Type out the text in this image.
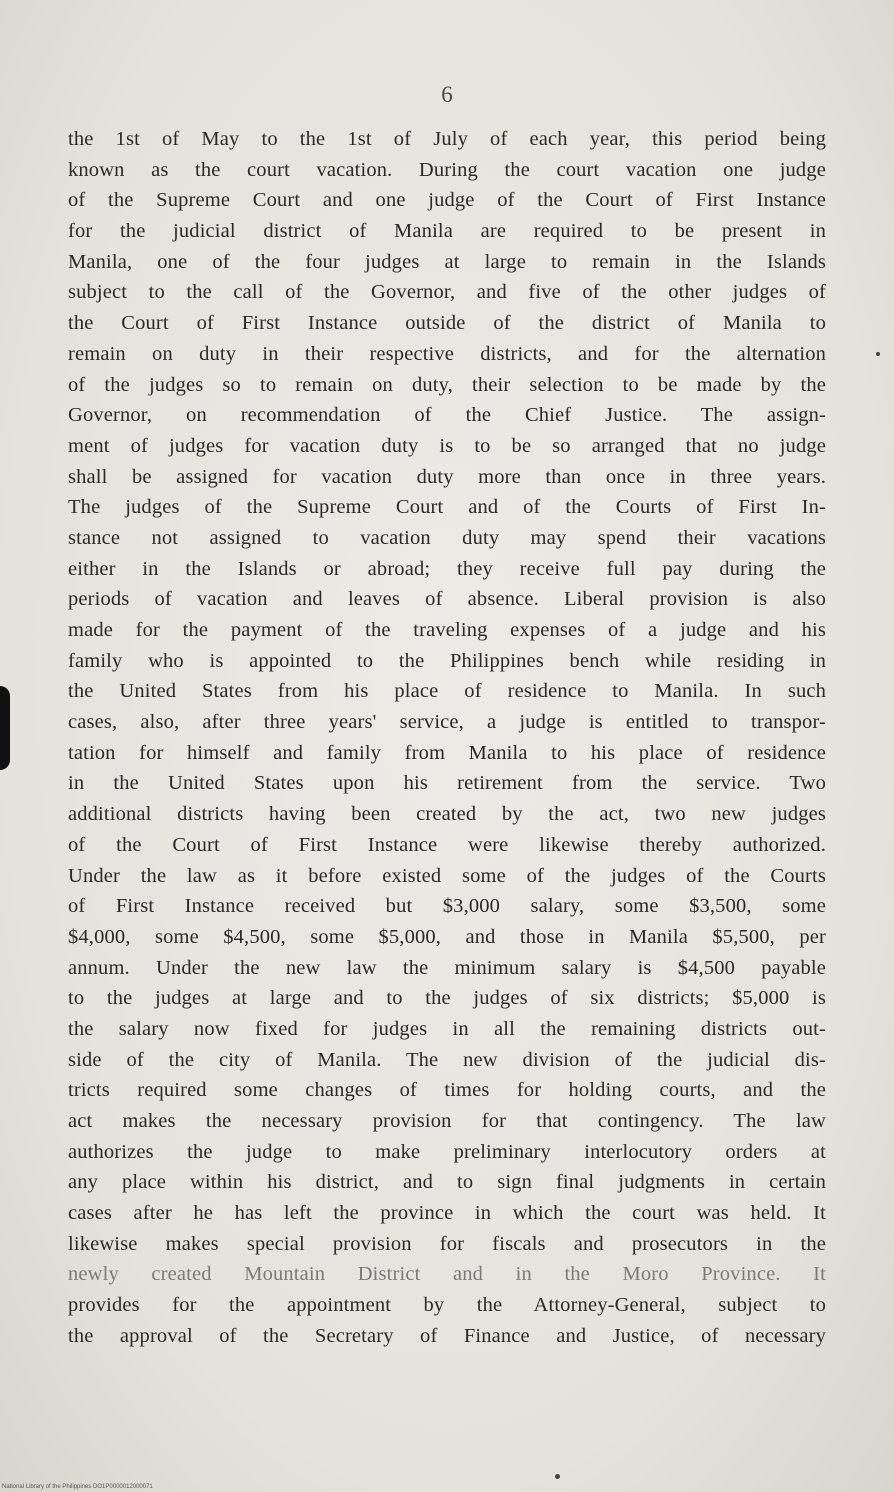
6
the 1st of May to the 1st of July of each year, this period being
known as the court vacation. During the court vacation one judge
of the Supreme Court and one judge of the Court of First Instance
for the judicial district of Manila are required to be present in
Manila, one of the four judges at large to remain in the Islands
subject to the call of the Governor, and five of the other judges of
the Court of First Instance outside of the district of Manila to
remain on duty in their respective districts, and for the alternation
of the judges so to remain on duty, their selection to be made by the
Governor, on recommendation of the Chief Justice. The assign-
ment of judges for vacation duty is to be so arranged that no judge
shall be assigned for vacation duty more than once in three years.
The judges of the Supreme Court and of the Courts of First In-
stance not assigned to vacation duty may spend their vacations
either in the Islands or abroad; they receive full pay during the
periods of vacation and leaves of absence. Liberal provision is also
made for the payment of the traveling expenses of a judge and his
family who is appointed to the Philippines bench while residing in
the United States from his place of residence to Manila. In such
cases, also, after three years' service, a judge is entitled to transpor-
tation for himself and family from Manila to his place of residence
in the United States upon his retirement from the service. Two
additional districts having been created by the act, two new judges
of the Court of First Instance were likewise thereby authorized.
Under the law as it before existed some of the judges of the Courts
of First Instance received but $3,000 salary, some $3,500, some
$4,000, some $4,500, some $5,000, and those in Manila $5,500, per
annum. Under the new law the minimum salary is $4,500 payable
to the judges at large and to the judges of six districts; $5,000 is
the salary now fixed for judges in all the remaining districts out-
side of the city of Manila. The new division of the judicial dis-
tricts required some changes of times for holding courts, and the
act makes the necessary provision for that contingency. The law
authorizes the judge to make preliminary interlocutory orders at
any place within his district, and to sign final judgments in certain
cases after he has left the province in which the court was held. It
likewise makes special provision for fiscals and prosecutors in the
newly created Mountain District and in the Moro Province. It
provides for the appointment by the Attorney-General, subject to
the approval of the Secretary of Finance and Justice, of necessary
National Library of the Philippines DO1P0000012000071
